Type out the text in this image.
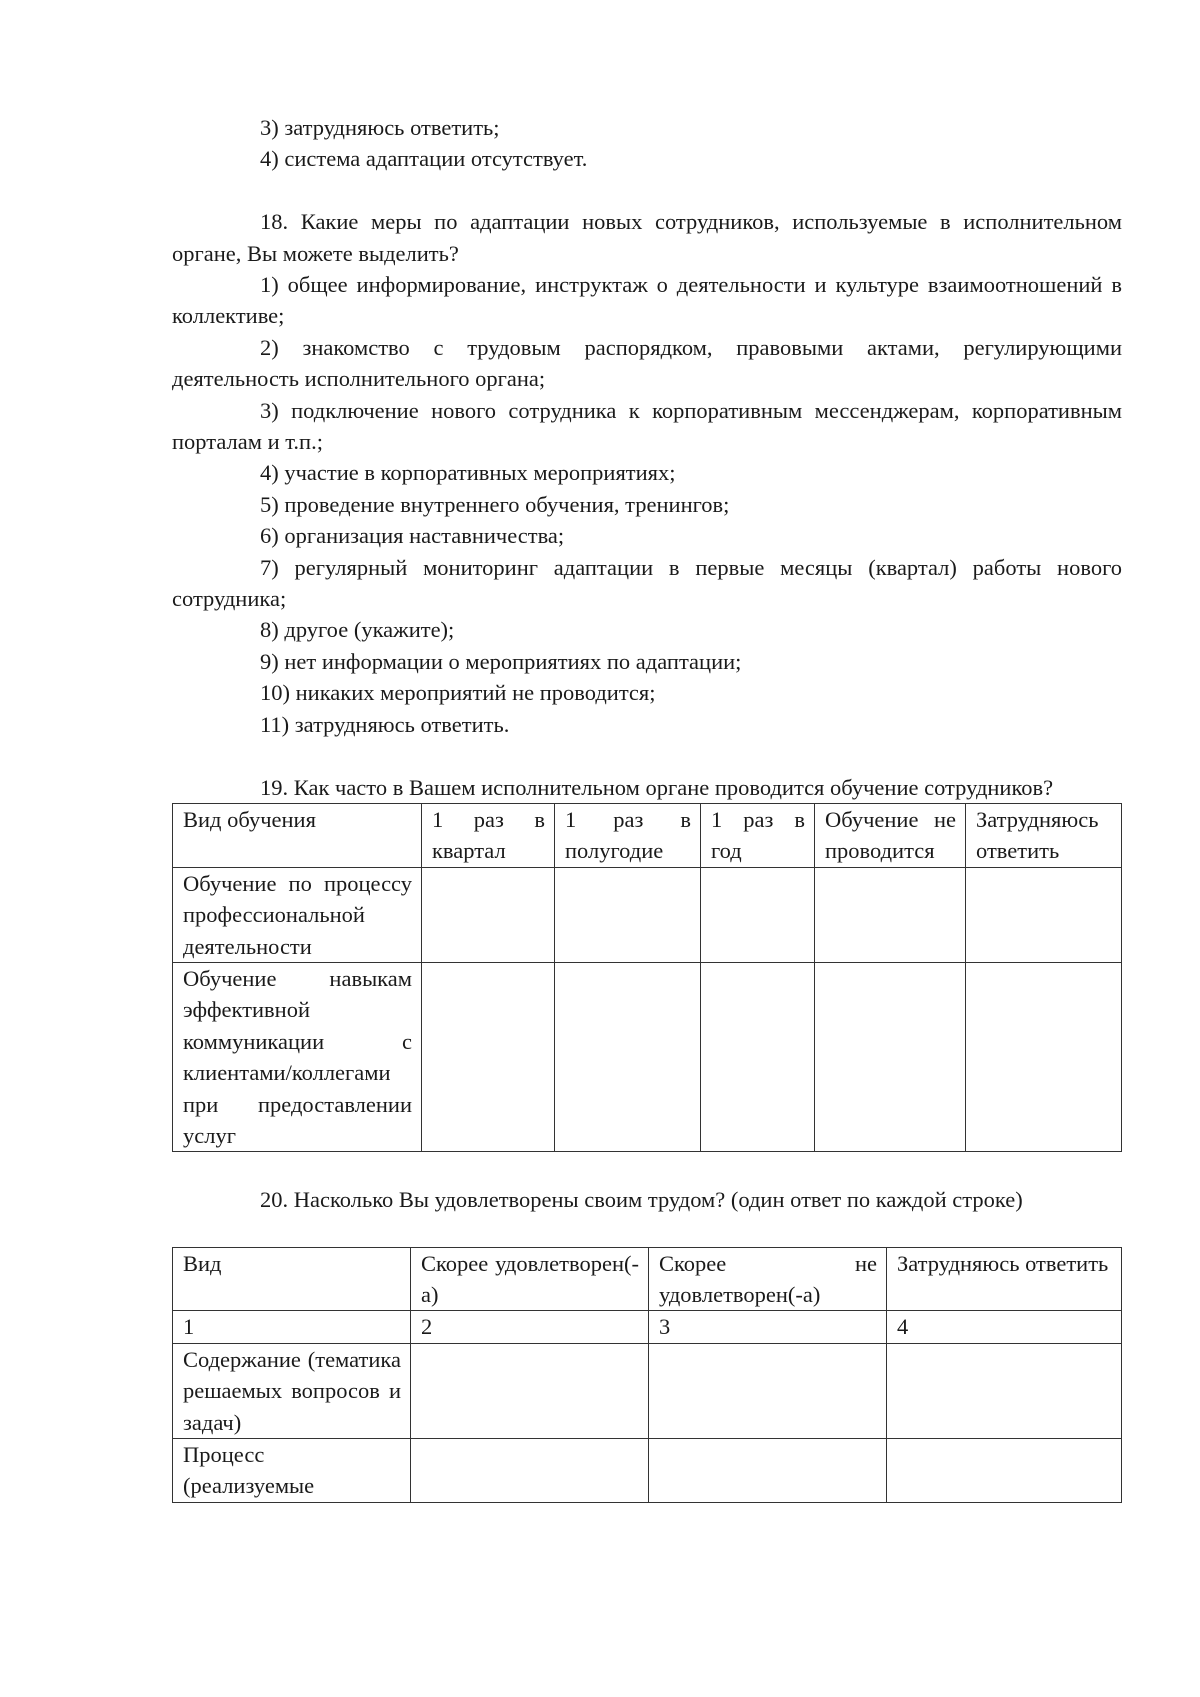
3) затрудняюсь ответить;

4) система адаптации отсутствует.

18. Какие меры по адаптации новых сотрудников, используемые в исполнительном органе, Вы можете выделить?

1) общее информирование, инструктаж о деятельности и культуре взаимоотношений в коллективе;

2) знакомство с трудовым распорядком, правовыми актами, регулирующими деятельность исполнительного органа;

3) подключение нового сотрудника к корпоративным мессенджерам, корпоративным порталам и т.п.;

4) участие в корпоративных мероприятиях;

5) проведение внутреннего обучения, тренингов;

6) организация наставничества;

7) регулярный мониторинг адаптации в первые месяцы (квартал) работы нового сотрудника;

8) другое (укажите);

9) нет информации о мероприятиях по адаптации;

10) никаких мероприятий не проводится;

11) затрудняюсь ответить.

19. Как часто в Вашем исполнительном органе проводится обучение сотрудников?

Вид обучения	1 раз в квартал	1 раз в полугодие	1 раз в год	Обучение не проводится	Затрудняюсь ответить
Обучение по процессу профессиональной деятельности					
Обучение навыкам эффективной коммуникации с клиентами/коллегами при предоставлении услуг					

20. Насколько Вы удовлетворены своим трудом? (один ответ по каждой строке)

Вид	Скорее удовлетворен(-а)	Скорее не удовлетворен(-а)	Затрудняюсь ответить
1	2	3	4
Содержание (тематика решаемых вопросов и задач)			
Процесс (реализуемые			
